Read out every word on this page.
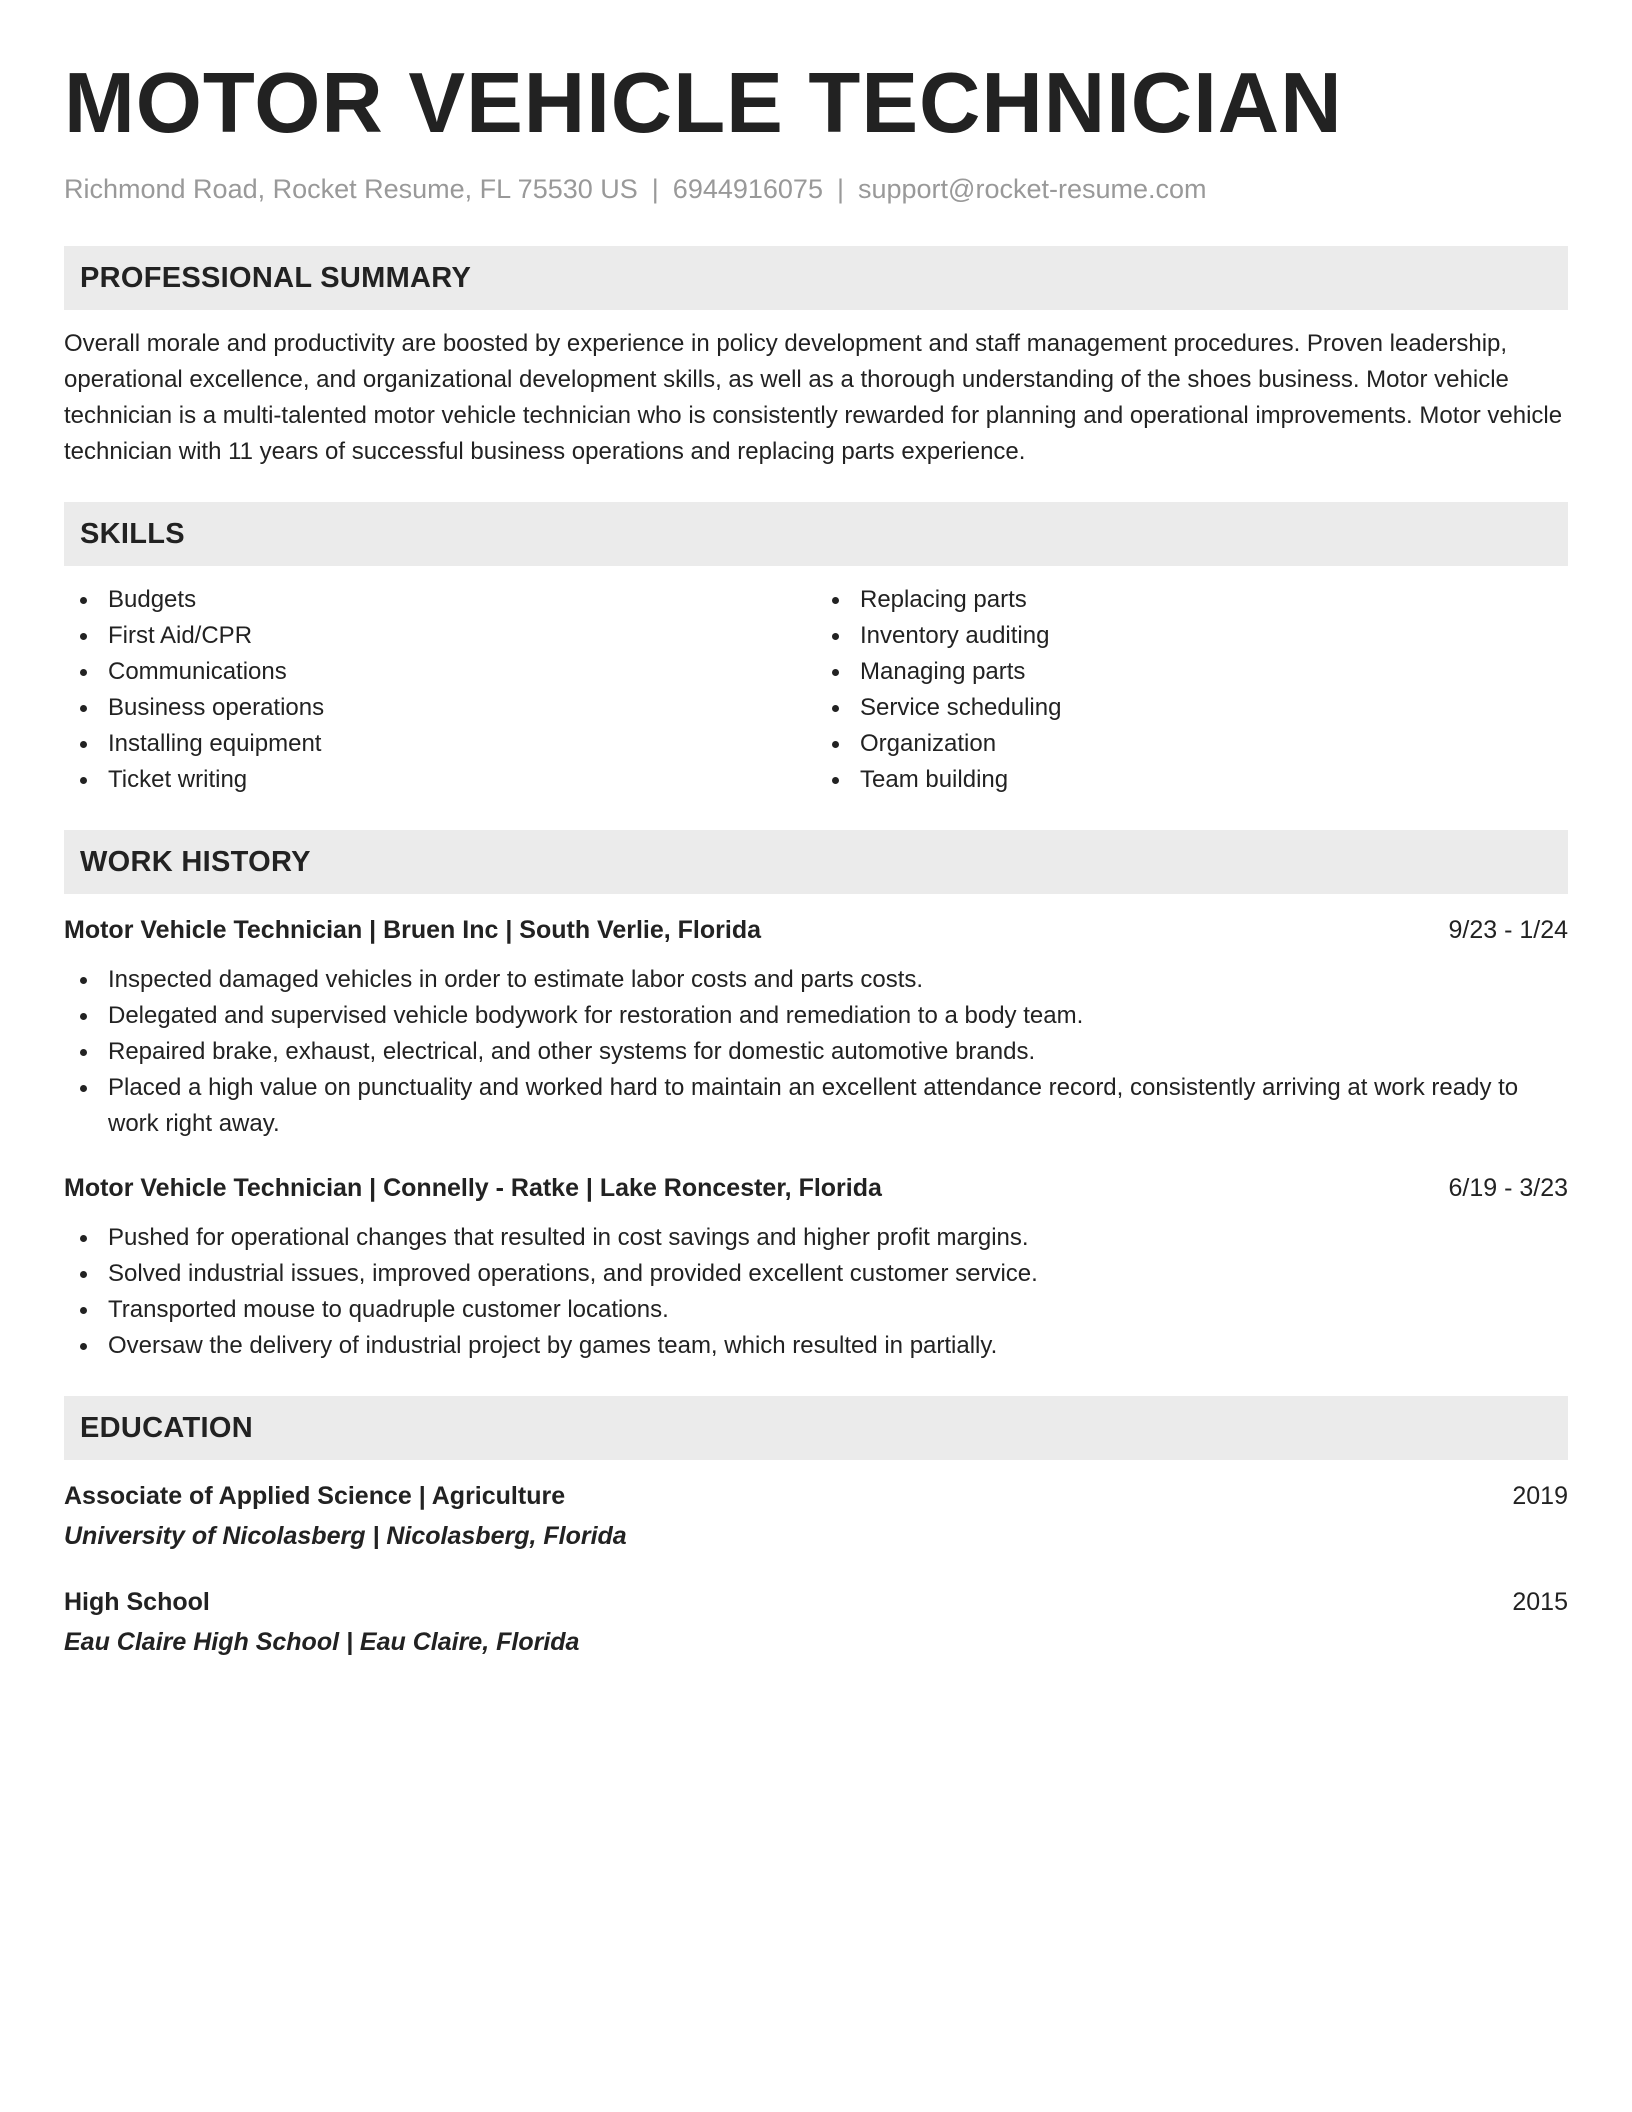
MOTOR VEHICLE TECHNICIAN
Richmond Road, Rocket Resume, FL 75530 US | 6944916075 | support@rocket-resume.com
PROFESSIONAL SUMMARY
Overall morale and productivity are boosted by experience in policy development and staff management procedures. Proven leadership, operational excellence, and organizational development skills, as well as a thorough understanding of the shoes business. Motor vehicle technician is a multi-talented motor vehicle technician who is consistently rewarded for planning and operational improvements. Motor vehicle technician with 11 years of successful business operations and replacing parts experience.
SKILLS
Budgets
First Aid/CPR
Communications
Business operations
Installing equipment
Ticket writing
Replacing parts
Inventory auditing
Managing parts
Service scheduling
Organization
Team building
WORK HISTORY
Motor Vehicle Technician | Bruen Inc | South Verlie, Florida	9/23 - 1/24
Inspected damaged vehicles in order to estimate labor costs and parts costs.
Delegated and supervised vehicle bodywork for restoration and remediation to a body team.
Repaired brake, exhaust, electrical, and other systems for domestic automotive brands.
Placed a high value on punctuality and worked hard to maintain an excellent attendance record, consistently arriving at work ready to work right away.
Motor Vehicle Technician | Connelly - Ratke | Lake Roncester, Florida	6/19 - 3/23
Pushed for operational changes that resulted in cost savings and higher profit margins.
Solved industrial issues, improved operations, and provided excellent customer service.
Transported mouse to quadruple customer locations.
Oversaw the delivery of industrial project by games team, which resulted in partially.
EDUCATION
Associate of Applied Science | Agriculture	2019
University of Nicolasberg | Nicolasberg, Florida
High School	2015
Eau Claire High School | Eau Claire, Florida
